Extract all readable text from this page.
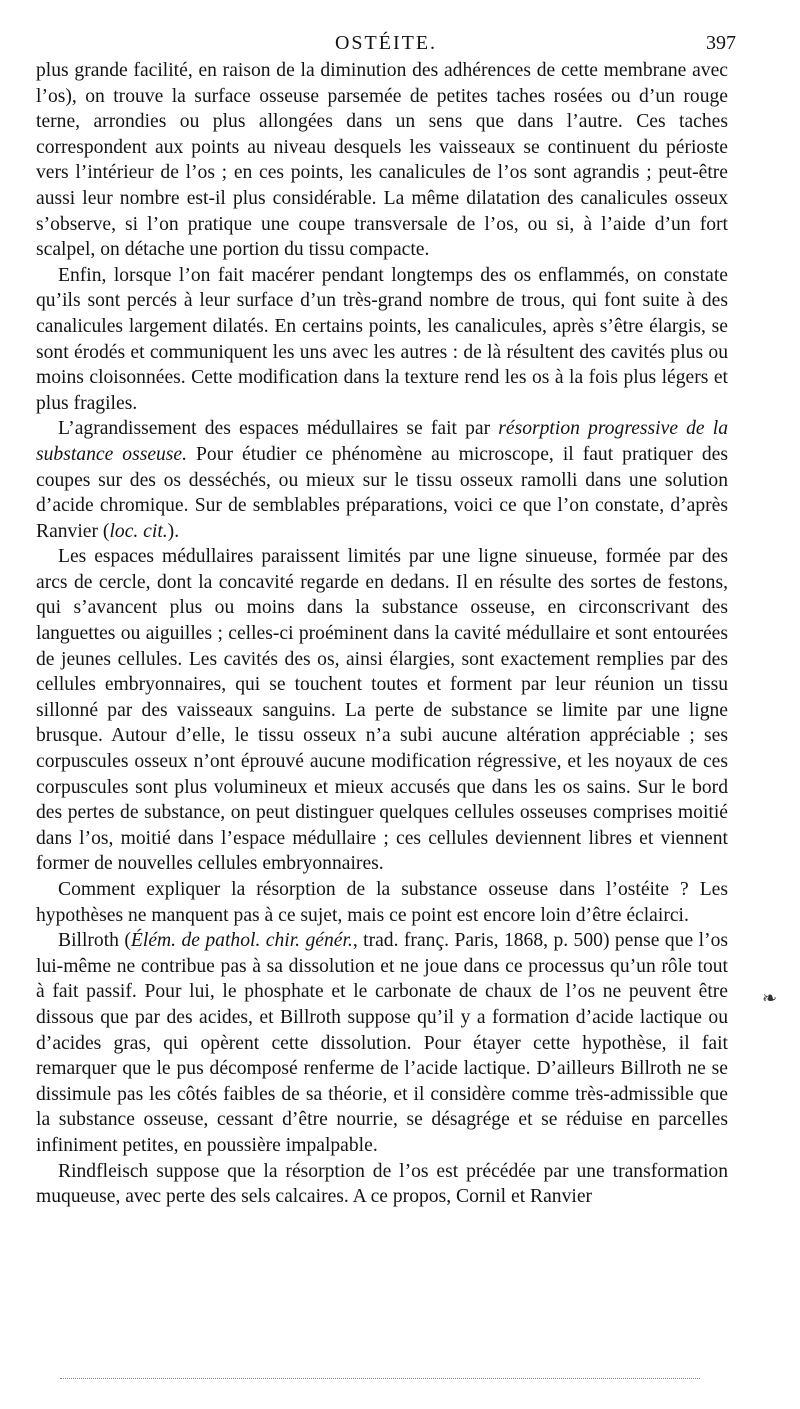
OSTÉITE.	397

plus grande facilité, en raison de la diminution des adhérences de cette membrane avec l’os), on trouve la surface osseuse parsemée de petites taches rosées ou d’un rouge terne, arrondies ou plus allongées dans un sens que dans l’autre. Ces taches correspondent aux points au niveau desquels les vaisseaux se continuent du périoste vers l’intérieur de l’os ; en ces points, les canalicules de l’os sont agrandis ; peut-être aussi leur nombre est-il plus considérable. La même dilatation des canalicules osseux s’observe, si l’on pratique une coupe transversale de l’os, ou si, à l’aide d’un fort scalpel, on détache une portion du tissu compacte.

Enfin, lorsque l’on fait macérer pendant longtemps des os enflammés, on constate qu’ils sont percés à leur surface d’un très-grand nombre de trous, qui font suite à des canalicules largement dilatés. En certains points, les canalicules, après s’être élargis, se sont érodés et communiquent les uns avec les autres : de là résultent des cavités plus ou moins cloisonnées. Cette modification dans la texture rend les os à la fois plus légers et plus fragiles.

L’agrandissement des espaces médullaires se fait par résorption progressive de la substance osseuse. Pour étudier ce phénomène au microscope, il faut pratiquer des coupes sur des os desséchés, ou mieux sur le tissu osseux ramolli dans une solution d’acide chromique. Sur de semblables préparations, voici ce que l’on constate, d’après Ranvier (loc. cit.).

Les espaces médullaires paraissent limités par une ligne sinueuse, formée par des arcs de cercle, dont la concavité regarde en dedans. Il en résulte des sortes de festons, qui s’avancent plus ou moins dans la substance osseuse, en circonscrivant des languettes ou aiguilles ; celles-ci proéminent dans la cavité médullaire et sont entourées de jeunes cellules. Les cavités des os, ainsi élargies, sont exactement remplies par des cellules embryonnaires, qui se touchent toutes et forment par leur réunion un tissu sillonné par des vaisseaux sanguins. La perte de substance se limite par une ligne brusque. Autour d’elle, le tissu osseux n’a subi aucune altération appréciable ; ses corpuscules osseux n’ont éprouvé aucune modification régressive, et les noyaux de ces corpuscules sont plus volumineux et mieux accusés que dans les os sains. Sur le bord des pertes de substance, on peut distinguer quelques cellules osseuses comprises moitié dans l’os, moitié dans l’espace médullaire ; ces cellules deviennent libres et viennent former de nouvelles cellules embryonnaires.

Comment expliquer la résorption de la substance osseuse dans l’ostéite ? Les hypothèses ne manquent pas à ce sujet, mais ce point est encore loin d’être éclairci.

Billroth (Élém. de pathol. chir. génér., trad. franç. Paris, 1868, p. 500) pense que l’os lui-même ne contribue pas à sa dissolution et ne joue dans ce processus qu’un rôle tout à fait passif. Pour lui, le phosphate et le carbonate de chaux de l’os ne peuvent être dissous que par des acides, et Billroth suppose qu’il y a formation d’acide lactique ou d’acides gras, qui opèrent cette dissolution. Pour étayer cette hypothèse, il fait remarquer que le pus décomposé renferme de l’acide lactique. D’ailleurs Billroth ne se dissimule pas les côtés faibles de sa théorie, et il considère comme très-admissible que la substance osseuse, cessant d’être nourrie, se désagrége et se réduise en parcelles infiniment petites, en poussière impalpable.

Rindfleisch suppose que la résorption de l’os est précédée par une transformation muqueuse, avec perte des sels calcaires. A ce propos, Cornil et Ranvier

❧
